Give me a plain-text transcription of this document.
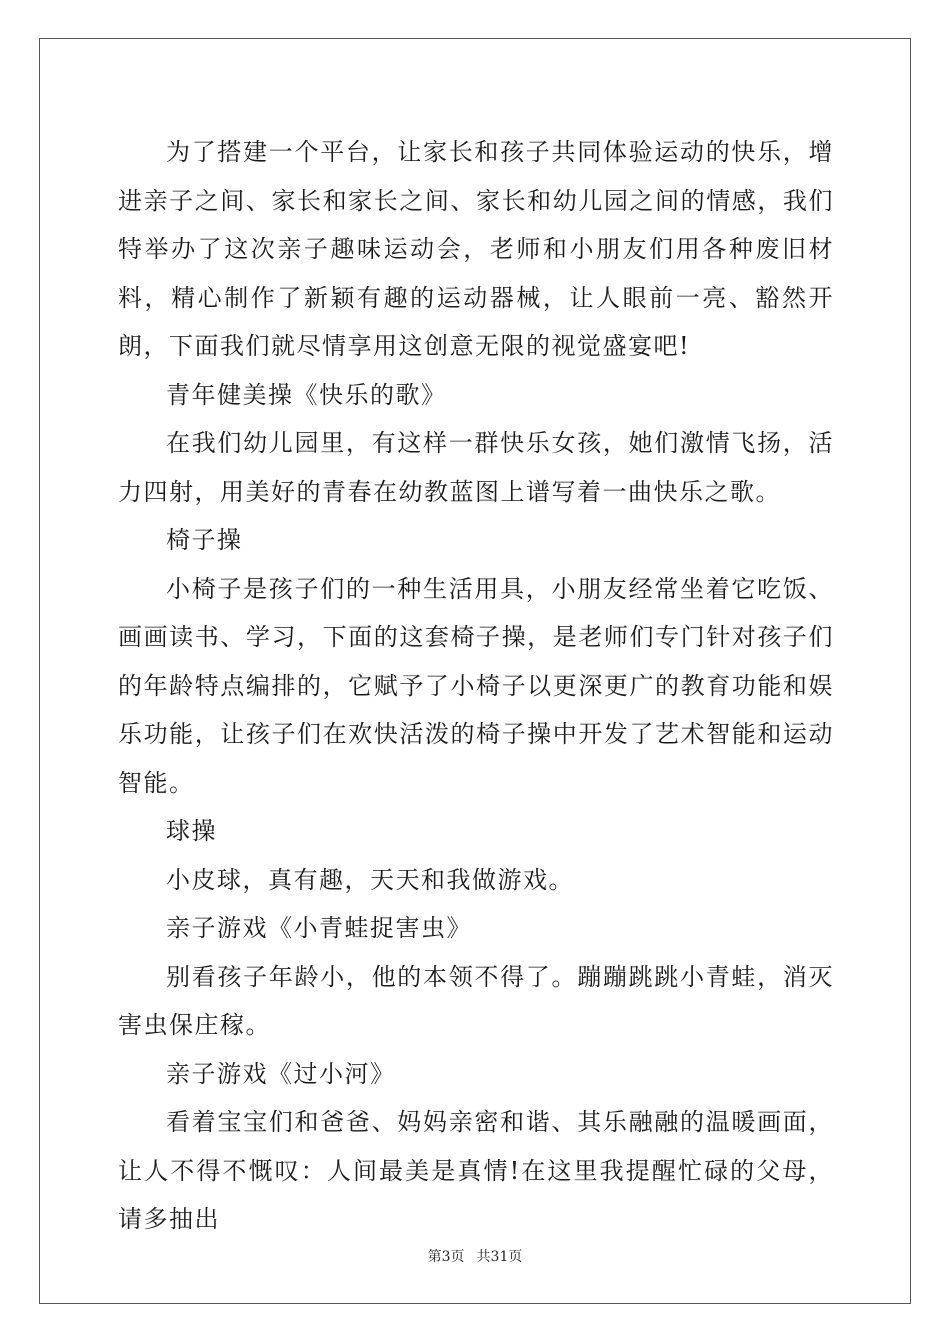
为了搭建一个平台，让家长和孩子共同体验运动的快乐，增进亲子之间、家长和家长之间、家长和幼儿园之间的情感，我们特举办了这次亲子趣味运动会，老师和小朋友们用各种废旧材料，精心制作了新颖有趣的运动器械，让人眼前一亮、豁然开朗，下面我们就尽情享用这创意无限的视觉盛宴吧!

青年健美操《快乐的歌》

在我们幼儿园里，有这样一群快乐女孩，她们激情飞扬，活力四射，用美好的青春在幼教蓝图上谱写着一曲快乐之歌。

椅子操

小椅子是孩子们的一种生活用具，小朋友经常坐着它吃饭、画画读书、学习，下面的这套椅子操，是老师们专门针对孩子们的年龄特点编排的，它赋予了小椅子以更深更广的教育功能和娱乐功能，让孩子们在欢快活泼的椅子操中开发了艺术智能和运动智能。

球操

小皮球，真有趣，天天和我做游戏。

亲子游戏《小青蛙捉害虫》

别看孩子年龄小，他的本领不得了。蹦蹦跳跳小青蛙，消灭害虫保庄稼。

亲子游戏《过小河》

看着宝宝们和爸爸、妈妈亲密和谐、其乐融融的温暖画面，让人不得不慨叹：人间最美是真情!在这里我提醒忙碌的父母，请多抽出

第3页 共31页
